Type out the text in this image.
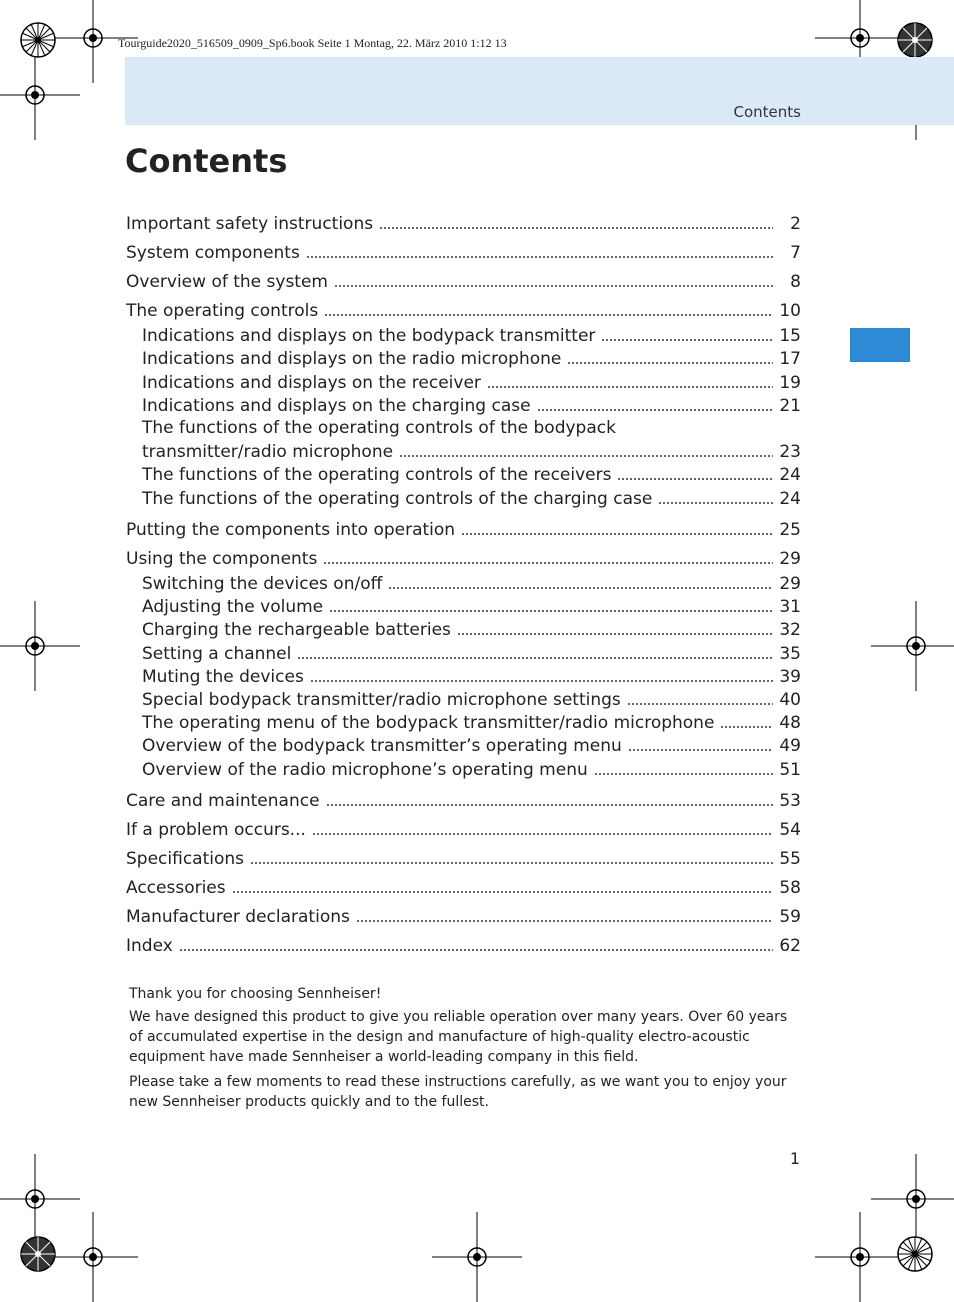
Tourguide2020_516509_0909_Sp6.book Seite 1 Montag, 22. März 2010 1:12 13
Contents
Contents
Important safety instructions	2
System components	7
Overview of the system	8
The operating controls	10
Indications and displays on the bodypack transmitter	15
Indications and displays on the radio microphone	17
Indications and displays on the receiver	19
Indications and displays on the charging case	21
The functions of the operating controls of the bodypack
transmitter/radio microphone	23
The functions of the operating controls of the receivers	24
The functions of the operating controls of the charging case	24
Putting the components into operation	25
Using the components	29
Switching the devices on/off	29
Adjusting the volume	31
Charging the rechargeable batteries	32
Setting a channel	35
Muting the devices	39
Special bodypack transmitter/radio microphone settings	40
The operating menu of the bodypack transmitter/radio microphone	48
Overview of the bodypack transmitter’s operating menu	49
Overview of the radio microphone’s operating menu	51
Care and maintenance	53
If a problem occurs...	54
Specifications	55
Accessories	58
Manufacturer declarations	59
Index	62

Thank you for choosing Sennheiser!

We have designed this product to give you reliable operation over many years. Over 60 years of accumulated expertise in the design and manufacture of high-quality electro-acoustic equipment have made Sennheiser a world-leading company in this field.

Please take a few moments to read these instructions carefully, as we want you to enjoy your new Sennheiser products quickly and to the fullest.

1
